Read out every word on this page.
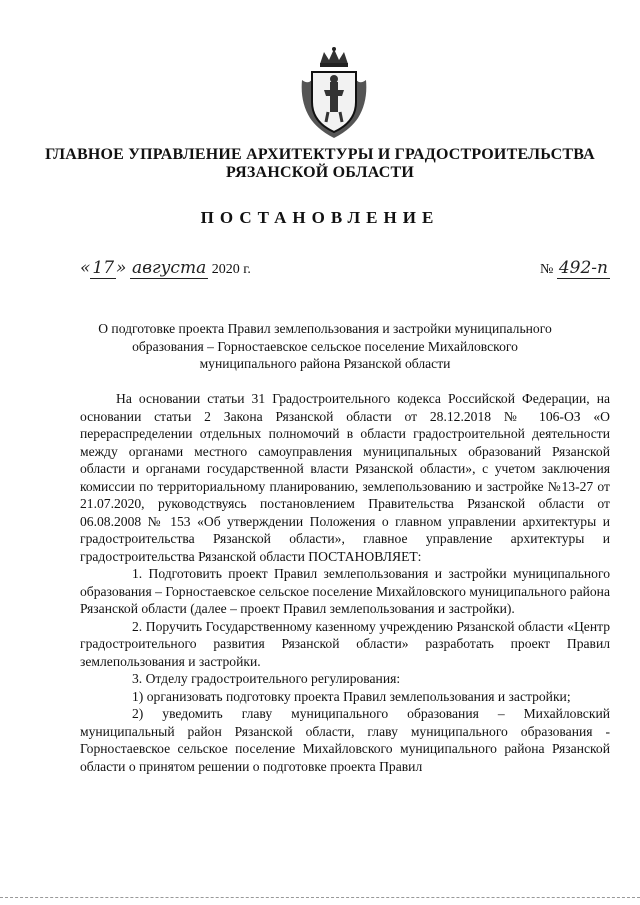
ГЛАВНОЕ УПРАВЛЕНИЕ АРХИТЕКТУРЫ И ГРАДОСТРОИТЕЛЬСТВА
РЯЗАНСКОЙ ОБЛАСТИ
ПОСТАНОВЛЕНИЕ
« 17 » августа 2020 г.	№ 492-п
О подготовке проекта Правил землепользования и застройки муниципального
образования – Горностаевское сельское поселение Михайловского
муниципального района Рязанской области

На основании статьи 31 Градостроительного кодекса Российской Федерации, на основании статьи 2 Закона Рязанской области от 28.12.2018 № 106-ОЗ «О перераспределении отдельных полномочий в области градостроительной деятельности между органами местного самоуправления муниципальных образований Рязанской области и органами государственной власти Рязанской области», с учетом заключения комиссии по территориальному планированию, землепользованию и застройке №13-27 от 21.07.2020, руководствуясь постановлением Правительства Рязанской области от 06.08.2008 № 153 «Об утверждении Положения о главном управлении архитектуры и градостроительства Рязанской области», главное управление архитектуры и градостроительства Рязанской области ПОСТАНОВЛЯЕТ:

1. Подготовить проект Правил землепользования и застройки муниципального образования – Горностаевское сельское поселение Михайловского муниципального района Рязанской области (далее – проект Правил землепользования и застройки).

2. Поручить Государственному казенному учреждению Рязанской области «Центр градостроительного развития Рязанской области» разработать проект Правил землепользования и застройки.

3. Отделу градостроительного регулирования:

1) организовать подготовку проекта Правил землепользования и застройки;

2) уведомить главу муниципального образования – Михайловский муниципальный район Рязанской области, главу муниципального образования - Горностаевское сельское поселение Михайловского муниципального района Рязанской области о принятом решении о подготовке проекта Правил
